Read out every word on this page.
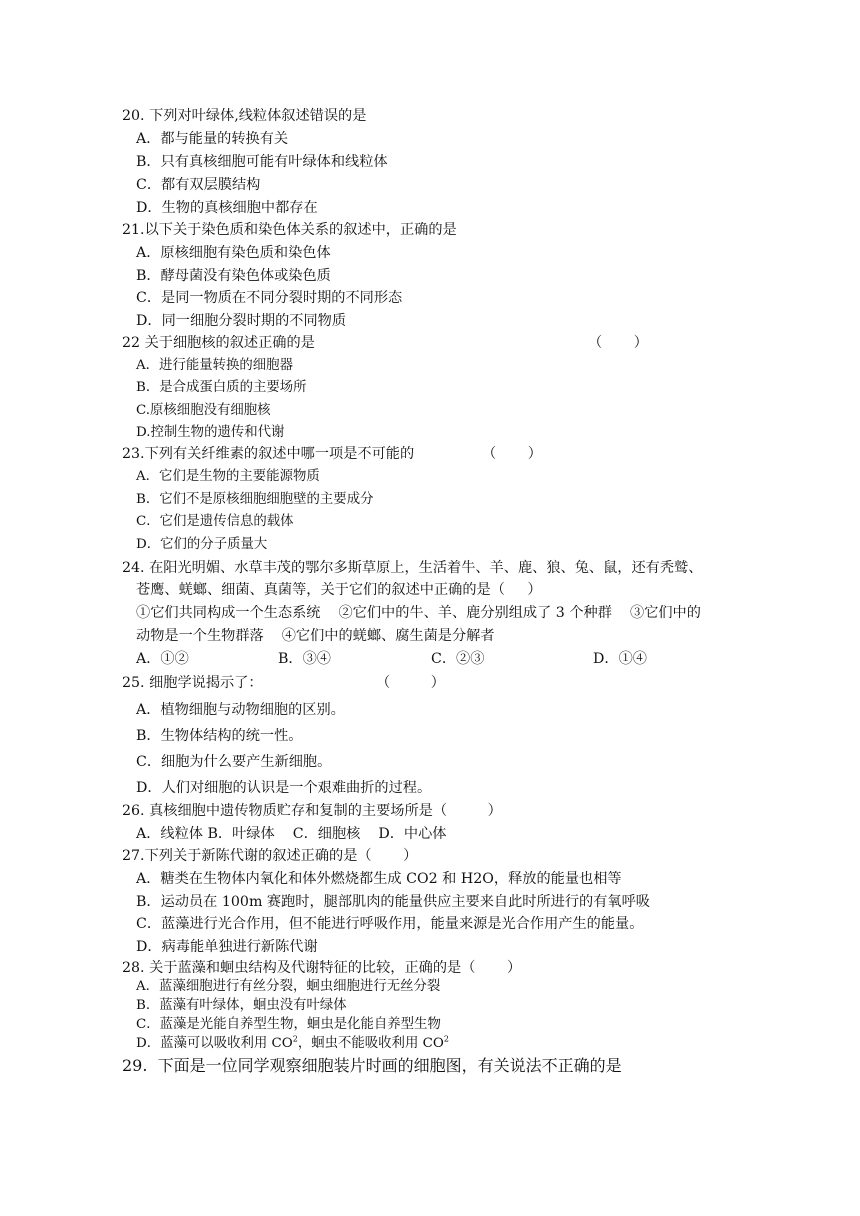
20. 下列对叶绿体,线粒体叙述错误的是
A．都与能量的转换有关
B．只有真核细胞可能有叶绿体和线粒体
C．都有双层膜结构
D．生物的真核细胞中都存在
21.以下关于染色质和染色体关系的叙述中，正确的是
A．原核细胞有染色质和染色体
B．酵母菌没有染色体或染色质
C．是同一物质在不同分裂时期的不同形态
D．同一细胞分裂时期的不同物质
22 关于细胞核的叙述正确的是	（       ）
A．进行能量转换的细胞器
B．是合成蛋白质的主要场所
C.原核细胞没有细胞核
D.控制生物的遗传和代谢
23.下列有关纤维素的叙述中哪一项是不可能的	（       ）
A．它们是生物的主要能源物质
B．它们不是原核细胞细胞壁的主要成分
C．它们是遗传信息的载体
D．它们的分子质量大
24. 在阳光明媚、水草丰茂的鄂尔多斯草原上，生活着牛、羊、鹿、狼、兔、鼠，还有秃鹫、
苍鹰、蜣螂、细菌、真菌等，关于它们的叙述中正确的是（     ）
①它们共同构成一个生态系统    ②它们中的牛、羊、鹿分别组成了 3 个种群    ③它们中的
动物是一个生物群落    ④它们中的蜣螂、腐生菌是分解者
A．①②	B．③④	C．②③	D．①④
25. 细胞学说揭示了：	（         ）
A．植物细胞与动物细胞的区别。
B．生物体结构的统一性。
C．细胞为什么要产生新细胞。
D．人们对细胞的认识是一个艰难曲折的过程。
26. 真核细胞中遗传物质贮存和复制的主要场所是（         ）
A．线粒体 B．叶绿体    C．细胞核    D．中心体
27.下列关于新陈代谢的叙述正确的是（       ）
A．糖类在生物体内氧化和体外燃烧都生成 CO2 和 H2O，释放的能量也相等
B．运动员在 100m 赛跑时，腿部肌肉的能量供应主要来自此时所进行的有氧呼吸
C．蓝藻进行光合作用，但不能进行呼吸作用，能量来源是光合作用产生的能量。
D．病毒能单独进行新陈代谢
28. 关于蓝藻和蛔虫结构及代谢特征的比较，正确的是（       ）
A．蓝藻细胞进行有丝分裂，蛔虫细胞进行无丝分裂
B．蓝藻有叶绿体，蛔虫没有叶绿体
C．蓝藻是光能自养型生物，蛔虫是化能自养型生物
D．蓝藻可以吸收利用 $CO^2$，蛔虫不能吸收利用 $CO^2$
29.  下面是一位同学观察细胞装片时画的细胞图，有关说法不正确的是
